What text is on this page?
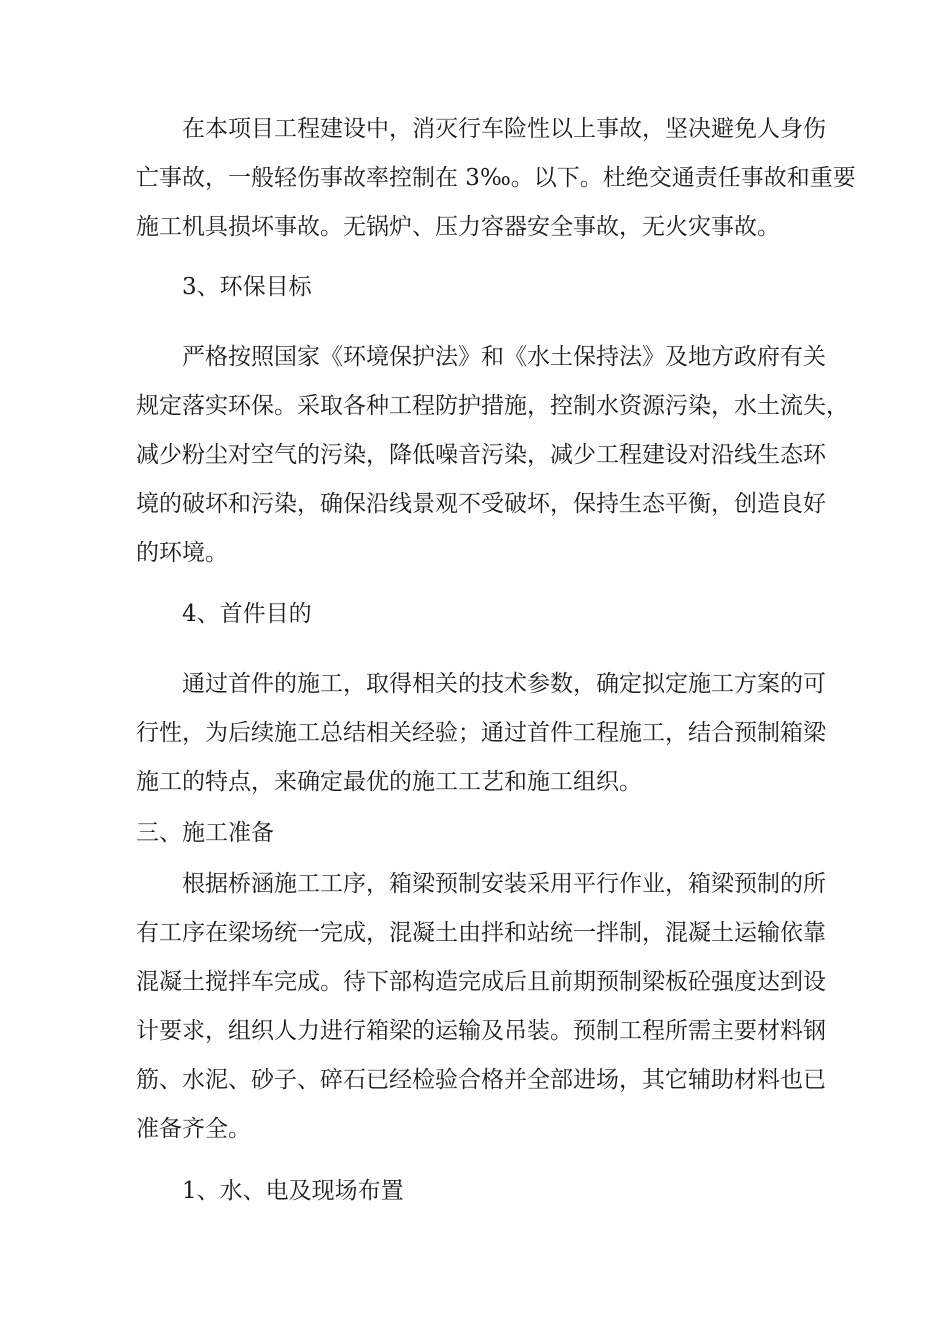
在本项目工程建设中，消灭行车险性以上事故，坚决避免人身伤
亡事故，一般轻伤事故率控制在 3‰。以下。杜绝交通责任事故和重要
施工机具损坏事故。无锅炉、压力容器安全事故，无火灾事故。
3、环保目标
严格按照国家《环境保护法》和《水土保持法》及地方政府有关
规定落实环保。采取各种工程防护措施，控制水资源污染，水土流失，
减少粉尘对空气的污染，降低噪音污染，减少工程建设对沿线生态环
境的破坏和污染，确保沿线景观不受破坏，保持生态平衡，创造良好
的环境。
4、首件目的
通过首件的施工，取得相关的技术参数，确定拟定施工方案的可
行性，为后续施工总结相关经验；通过首件工程施工，结合预制箱梁
施工的特点，来确定最优的施工工艺和施工组织。
三、施工准备
根据桥涵施工工序，箱梁预制安装采用平行作业，箱梁预制的所
有工序在梁场统一完成，混凝土由拌和站统一拌制，混凝土运输依靠
混凝土搅拌车完成。待下部构造完成后且前期预制梁板砼强度达到设
计要求，组织人力进行箱梁的运输及吊装。预制工程所需主要材料钢
筋、水泥、砂子、碎石已经检验合格并全部进场，其它辅助材料也已
准备齐全。
1、水、电及现场布置
